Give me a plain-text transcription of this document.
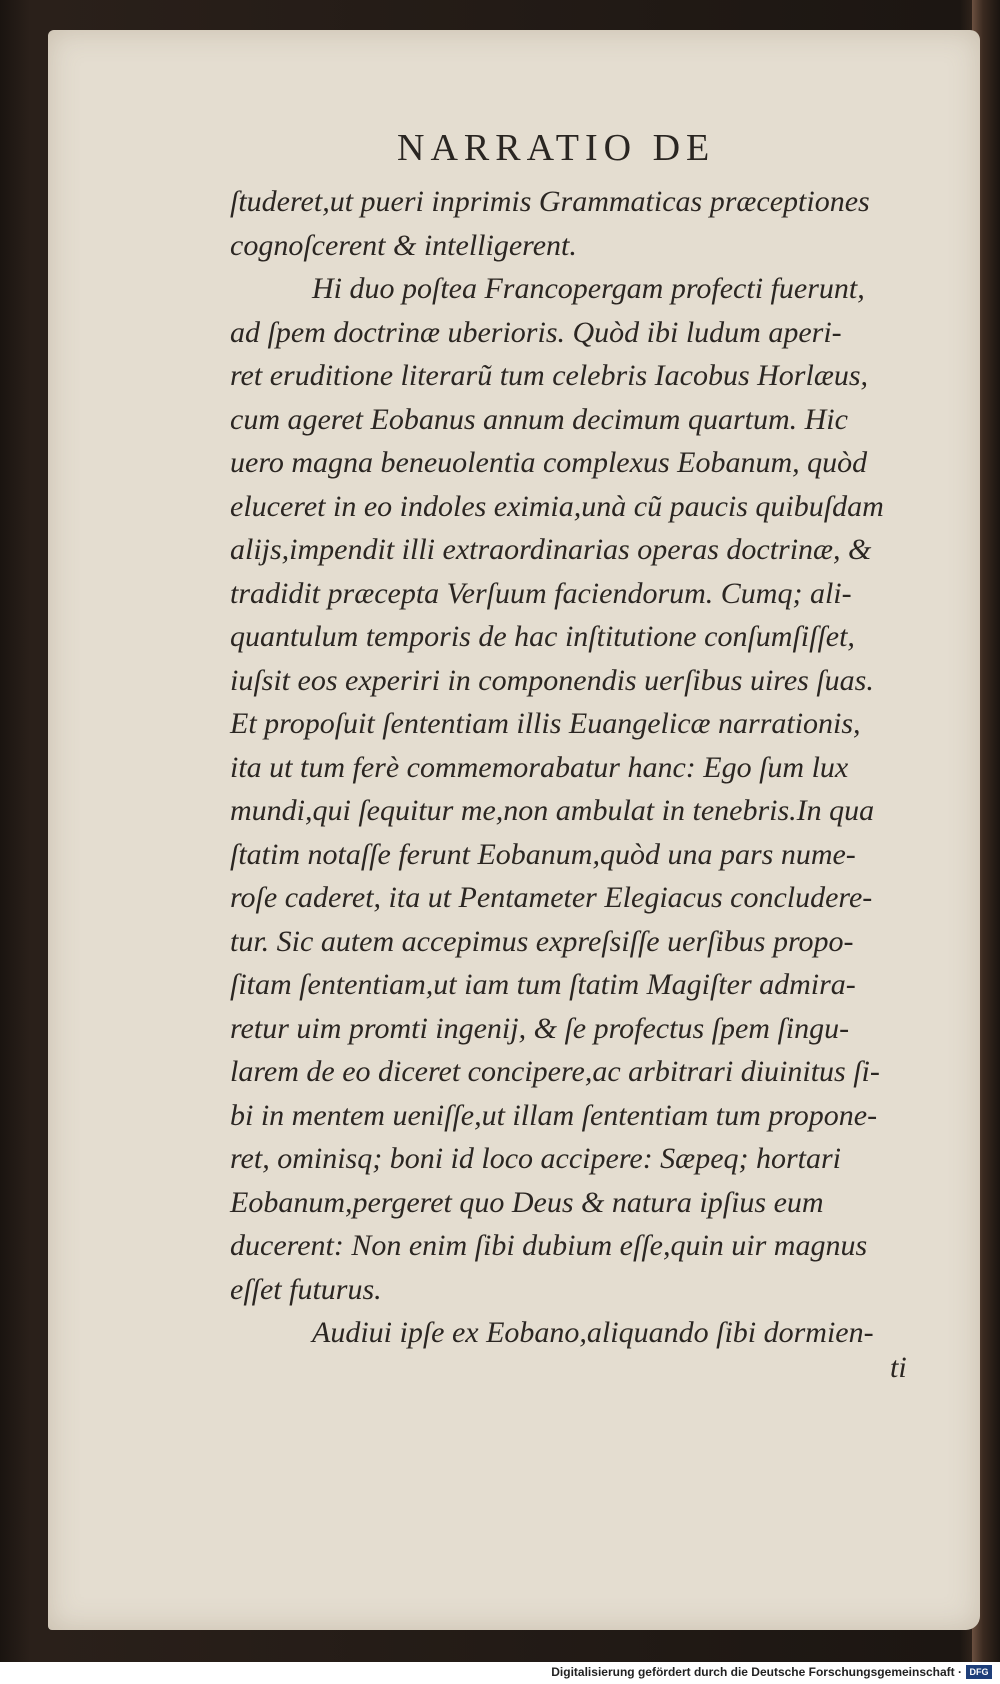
NARRATIO DE
ſtuderet,ut pueri inprimis Grammaticas præceptiones
cognoſcerent & intelligerent.
Hi duo poſtea Francopergam profecti fuerunt,
ad ſpem doctrinæ uberioris. Quòd ibi ludum aperi-
ret eruditione literarũ tum celebris Iacobus Horlæus,
cum ageret Eobanus annum decimum quartum. Hic
uero magna beneuolentia complexus Eobanum, quòd
eluceret in eo indoles eximia,unà cũ paucis quibuſdam
alijs,impendit illi extraordinarias operas doctrinæ, &
tradidit præcepta Verſuum faciendorum. Cumq; ali-
quantulum temporis de hac inſtitutione conſumſiſſet,
iuſsit eos experiri in componendis uerſibus uires ſuas.
Et propoſuit ſententiam illis Euangelicæ narrationis,
ita ut tum ferè commemorabatur hanc: Ego ſum lux
mundi,qui ſequitur me,non ambulat in tenebris.In qua
ſtatim notaſſe ferunt Eobanum,quòd una pars nume-
roſe caderet, ita ut Pentameter Elegiacus concludere-
tur. Sic autem accepimus expreſsiſſe uerſibus propo-
ſitam ſententiam,ut iam tum ſtatim Magiſter admira-
retur uim promti ingenij, & ſe profectus ſpem ſingu-
larem de eo diceret concipere,ac arbitrari diuinitus ſi-
bi in mentem ueniſſe,ut illam ſententiam tum propone-
ret, ominisq; boni id loco accipere: Sæpeq; hortari
Eobanum,pergeret quo Deus & natura ipſius eum
ducerent: Non enim ſibi dubium eſſe,quin uir magnus
eſſet futurus.
Audiui ipſe ex Eobano,aliquando ſibi dormien-
ti
Digitalisierung gefördert durch die Deutsche Forschungsgemeinschaft · DFG
